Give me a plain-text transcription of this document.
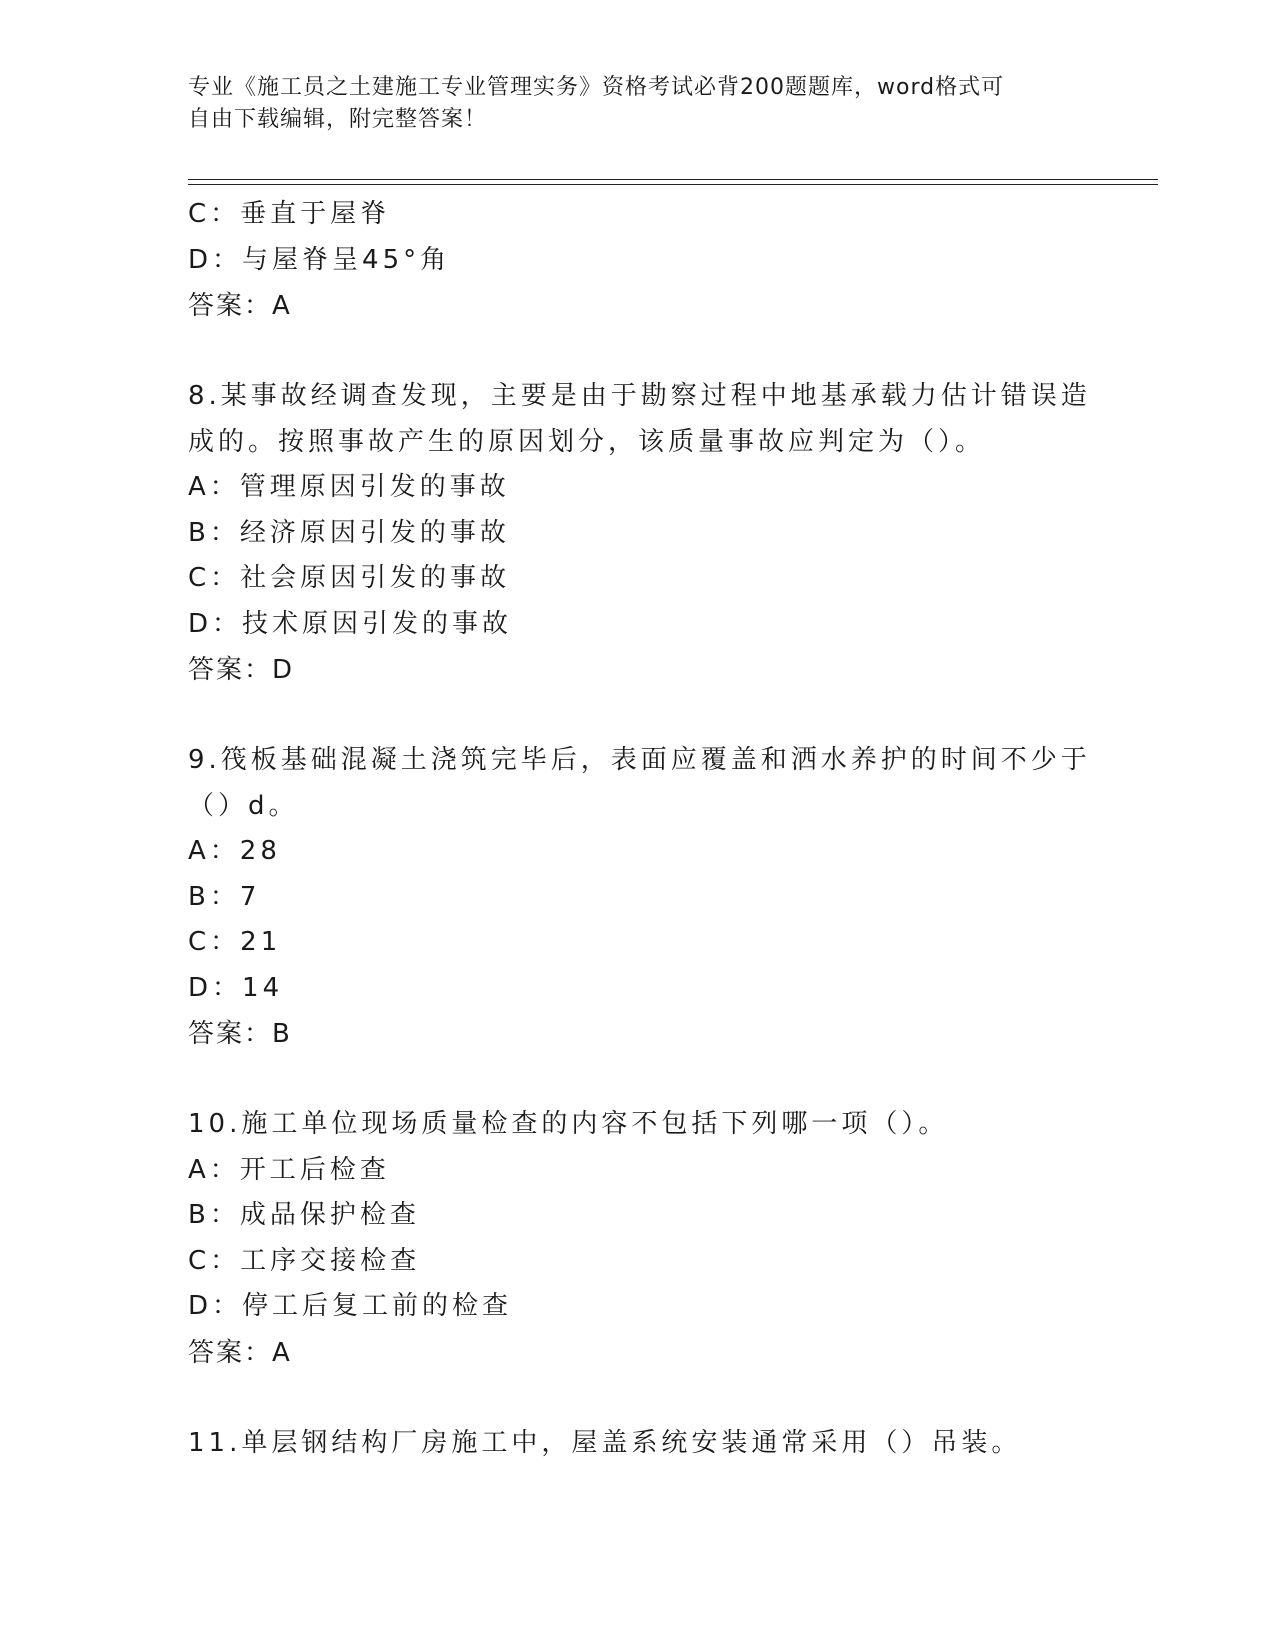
专业《施工员之土建施工专业管理实务》资格考试必背200题题库，word格式可
自由下载编辑，附完整答案！
C：垂直于屋脊
D：与屋脊呈45°角
答案：A
8.某事故经调查发现，主要是由于勘察过程中地基承载力估计错误造
成的。按照事故产生的原因划分，该质量事故应判定为（）。
A：管理原因引发的事故
B：经济原因引发的事故
C：社会原因引发的事故
D：技术原因引发的事故
答案：D
9.筏板基础混凝土浇筑完毕后，表面应覆盖和洒水养护的时间不少于
（）d。
A：28
B：7
C：21
D：14
答案：B
10.施工单位现场质量检查的内容不包括下列哪一项（）。
A：开工后检查
B：成品保护检查
C：工序交接检查
D：停工后复工前的检查
答案：A
11.单层钢结构厂房施工中，屋盖系统安装通常采用（）吊装。
